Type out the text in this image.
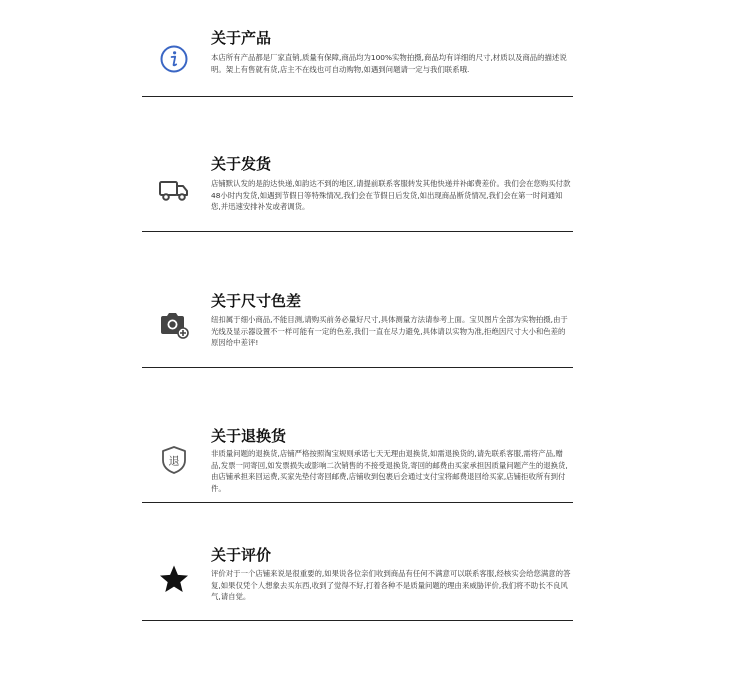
关于产品
本店所有产品都是厂家直销,质量有保障,商品均为100%实物拍摄,商品均有详细的尺寸,材质以及商品的描述说明。架上有售就有货,店主不在线也可自动购物,如遇到问题请一定与我们联系哦.
关于发货
店铺默认发的是韵达快递,如韵达不到的地区,请提前联系客服转发其他快递并补邮费差价。我们会在您购买付款48小时内发货,如遇到节假日等特殊情况,我们会在节假日后发货,如出现商品断货情况,我们会在第一时间通知您,并迅速安排补发或者调货。
关于尺寸色差
纽扣属于细小商品,不能目测,请购买前务必量好尺寸,具体测量方法请参考上面。宝贝图片全部为实物拍摄,由于光线及显示器设置不一样可能有一定的色差,我们一直在尽力避免,具体请以实物为准,拒绝因尺寸大小和色差的原因给中差评!
退
关于退换货
非质量问题的退换货,店铺严格按照淘宝规则承诺七天无理由退换货,如需退换货的,请先联系客服,需将产品,赠品,发票一同寄回,如发票损失或影响二次销售的不接受退换货,寄回的邮费由买家承担因质量问题产生的退换货,由店铺承担来回运费,买家先垫付寄回邮费,店铺收到包裹后会通过支付宝将邮费退回给买家,店铺拒收所有到付件。
关于评价
评价对于一个店铺来说是很重要的,如果说各位亲们收到商品有任何不满意可以联系客服,经核实会给您满意的答复,如果仅凭个人想象去买东西,收到了觉得不好,打着各种不是质量问题的理由来威胁评价,我们将不助长不良风气,请自觉。
